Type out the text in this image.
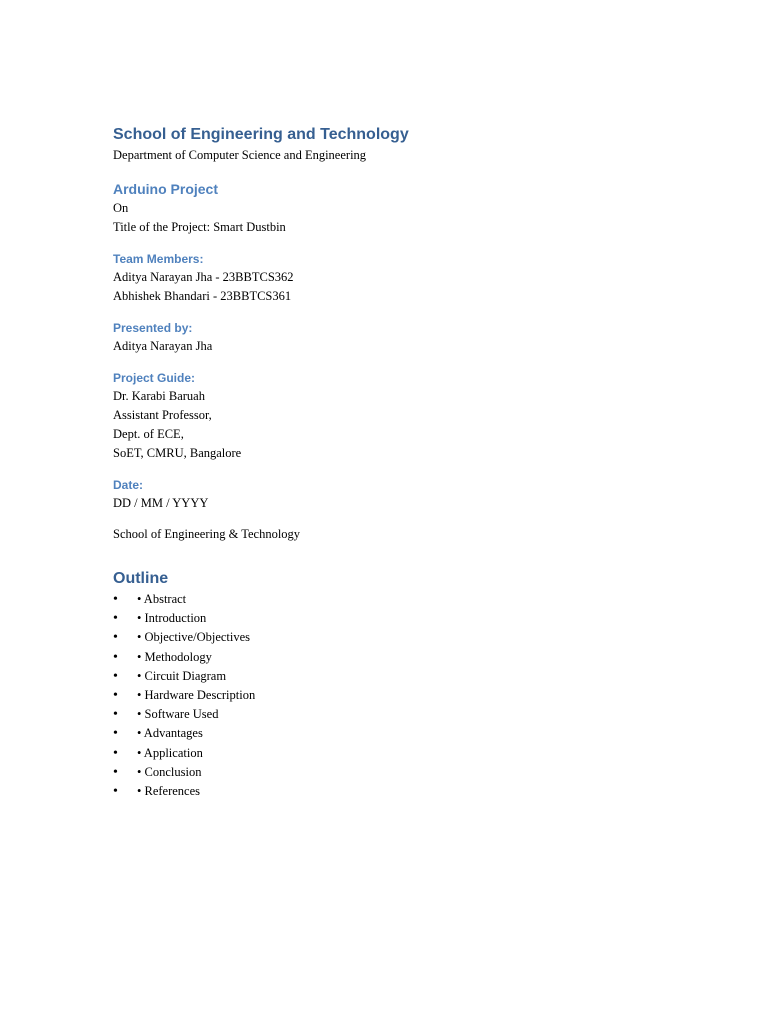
School of Engineering and Technology
Department of Computer Science and Engineering
Arduino Project
On
Title of the Project: Smart Dustbin
Team Members:
Aditya Narayan Jha - 23BBTCS362
Abhishek Bhandari - 23BBTCS361
Presented by:
Aditya Narayan Jha
Project Guide:
Dr. Karabi Baruah
Assistant Professor,
Dept. of ECE,
SoET, CMRU, Bangalore
Date:
DD / MM / YYYY
School of Engineering & Technology
Outline
• • Abstract
• • Introduction
• • Objective/Objectives
• • Methodology
• • Circuit Diagram
• • Hardware Description
• • Software Used
• • Advantages
• • Application
• • Conclusion
• • References
